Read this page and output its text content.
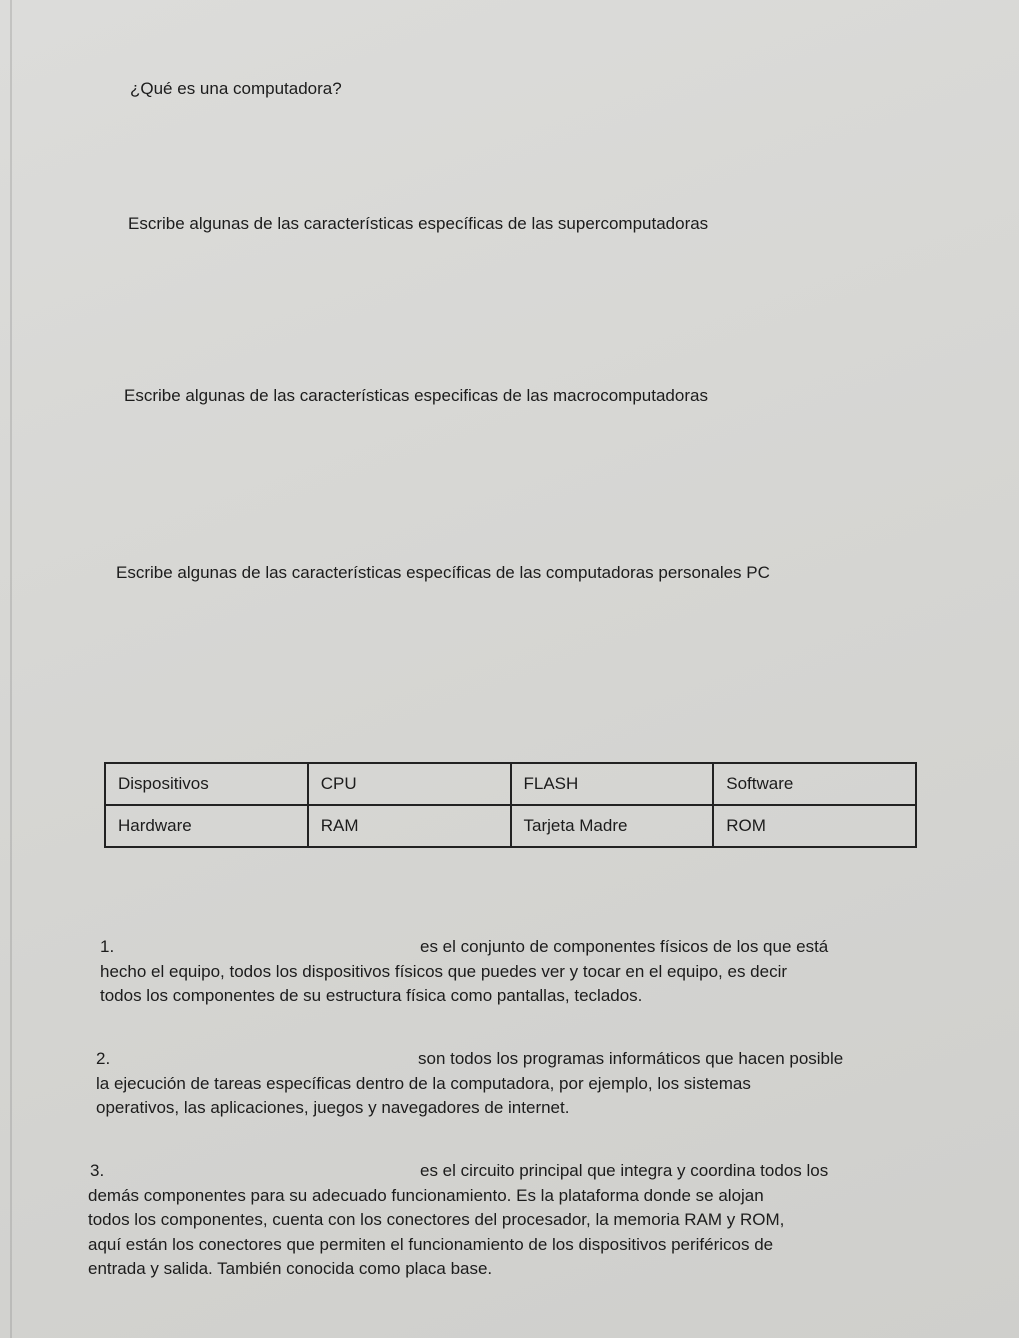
¿Qué es una computadora?
Escribe algunas de las características específicas de las supercomputadoras
Escribe algunas de las características especificas de las macrocomputadoras
Escribe algunas de las características específicas de las computadoras personales PC
Dispositivos	CPU	FLASH	Software
Hardware	RAM	Tarjeta Madre	ROM
1.	es el conjunto de componentes físicos de los que está
hecho el equipo, todos los dispositivos físicos que puedes ver y tocar en el equipo, es decir
todos los componentes de su estructura física como pantallas, teclados.
2.	son todos los programas informáticos que hacen posible
la ejecución de tareas específicas dentro de la computadora, por ejemplo, los sistemas
operativos, las aplicaciones, juegos y navegadores de internet.
3.	es el circuito principal que integra y coordina todos los
demás componentes para su adecuado funcionamiento. Es la plataforma donde se alojan
todos los componentes, cuenta con los conectores del procesador, la memoria RAM y ROM,
aquí están los conectores que permiten el funcionamiento de los dispositivos periféricos de
entrada y salida. También conocida como placa base.
